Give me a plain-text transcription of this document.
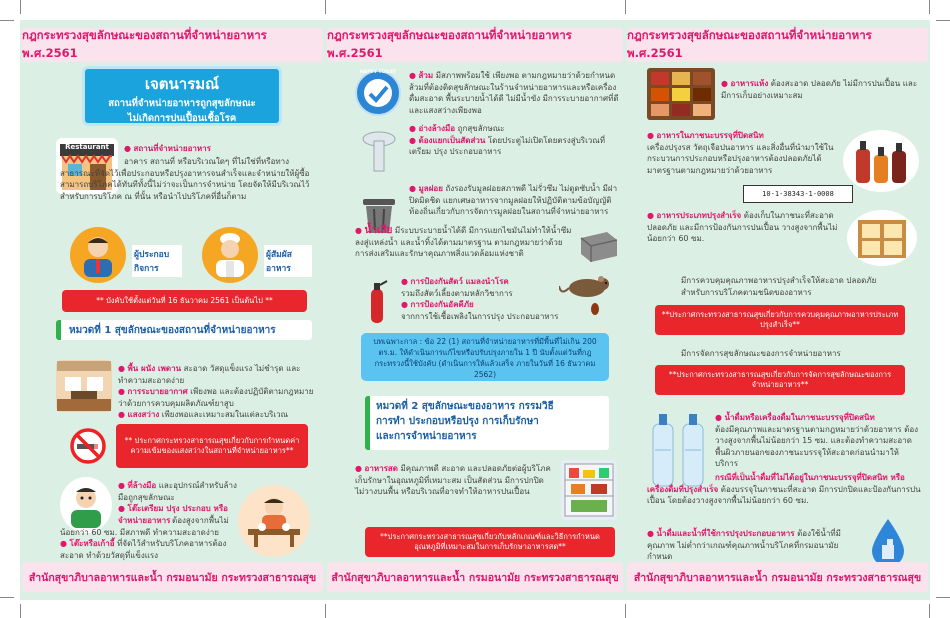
กฎกระทรวงสุขลักษณะของสถานที่จำหน่ายอาหาร พ.ศ.2561
เจตนารมณ์
สถานที่จำหน่ายอาหารถูกสุขลักษณะ
ไม่เกิดการปนเปื้อนเชื้อโรค
Restaurant	● สถานที่จำหน่ายอาหาร
อาคาร สถานที่ หรือบริเวณใดๆ ที่ไม่ใช่ที่หรือทางสาธารณะที่จัดไว้เพื่อประกอบหรือปรุงอาหารจนสำเร็จและจำหน่ายให้ผู้ซื้อสามารถบริโภคได้ทันทีทั้งนี้ไม่ว่าจะเป็นการจำหน่าย โดยจัดให้มีบริเวณไว้สำหรับการบริโภค ณ ที่นั้น หรือนำไปบริโภคที่อื่นก็ตาม
ผู้ประกอบกิจการ
ผู้สัมผัสอาหาร
** บังคับใช้ตั้งแต่วันที่ 16 ธันวาคม 2561 เป็นต้นไป **
หมวดที่ 1 สุขลักษณะของสถานที่จำหน่ายอาหาร
● พื้น ผนัง เพดาน สะอาด วัสดุแข็งแรง ไม่ชำรุด และทำความสะอาดง่าย
● การระบายอากาศ เพียงพอ และต้องปฏิบัติตามกฎหมายว่าด้วยการควบคุมผลิตภัณฑ์ยาสูบ
● แสงสว่าง เพียงพอและเหมาะสมในแต่ละบริเวณ
** ประกาศกระทรวงสาธารณสุขเกี่ยวกับการกำหนดค่าความเข้มของแสงสว่างในสถานที่จำหน่ายอาหาร**
● ที่ล้างมือ และอุปกรณ์สำหรับล้างมือถูกสุขลักษณะ
● โต๊ะเตรียม ปรุง ประกอบ หรือจำหน่ายอาหาร ต้องสูงจากพื้นไม่น้อยกว่า 60 ซม. มีสภาพดี ทำความสะอาดง่าย
● โต๊ะหรือเก้าอี้ ที่จัดไว้สำหรับบริโภคอาหารต้องสะอาด ทำด้วยวัสดุที่แข็งแรง
สำนักสุขาภิบาลอาหารและน้ำ กรมอนามัย กระทรวงสาธารณสุข
กฎกระทรวงสุขลักษณะของสถานที่จำหน่ายอาหาร พ.ศ.2561
HAPPY TOILET	● ส้วม มีสภาพพร้อมใช้ เพียงพอ ตามกฎหมายว่าด้วยกำหนดส้วมที่ต้องติดสุขลักษณะในร้านจำหน่ายอาหารและหรือเครื่องดื่มสะอาด พื้นระบายน้ำได้ดี ไม่มีน้ำขัง มีการระบายอากาศที่ดี และแสงสว่างเพียงพอ
● อ่างล้างมือ ถูกสุขลักษณะ
● ต้องแยกเป็นสัดส่วน โดยประตูไม่เปิดโดยตรงสู่บริเวณที่เตรียม ปรุง ประกอบอาหาร
● มูลฝอย ถังรองรับมูลฝอยสภาพดี ไม่รั่วซึม ไม่ดูดซับน้ำ มีฝาปิดมิดชิด แยกเศษอาหารจากมูลฝอยให้ปฏิบัติตามข้อบัญญัติท้องถิ่นเกี่ยวกับการจัดการมูลฝอยในสถานที่จำหน่ายอาหาร
● น้ำเสีย มีระบบระบายน้ำได้ดี มีการแยกไขมันไม่ทำให้น้ำซึมลงสู่แหล่งน้ำ และน้ำทิ้งได้ตามมาตรฐาน ตามกฎหมายว่าด้วยการส่งเสริมและรักษาคุณภาพสิ่งแวดล้อมแห่งชาติ
● การป้องกันสัตว์ แมลงนำโรค
รวมถึงสัตว์เลี้ยงตามหลักวิชาการ
● การป้องกันอัคคีภัย
จากการใช้เชื้อเพลิงในการปรุง ประกอบอาหาร
บทเฉพาะกาล : ข้อ 22 (1) สถานที่จำหน่ายอาหารที่มีพื้นที่ไม่เกิน 200 ตร.ม. ให้ดำเนินการแก้ไขหรือปรับปรุงภายใน 1 ปี นับตั้งแต่วันที่กฎกระทรวงนี้ใช้บังคับ (ดำเนินการให้แล้วเสร็จ ภายในวันที่ 16 ธันวาคม 2562)
หมวดที่ 2 สุขลักษณะของอาหาร กรรมวิธี
การทำ ประกอบหรือปรุง การเก็บรักษา
และการจำหน่ายอาหาร
● อาหารสด มีคุณภาพดี สะอาด และปลอดภัยต่อผู้บริโภค เก็บรักษาในอุณหภูมิที่เหมาะสม เป็นสัดส่วน มีการปกปิด ไม่วางบนพื้น หรือบริเวณที่อาจทำให้อาหารปนเปื้อน
**ประกาศกระทรวงสาธารณสุขเกี่ยวกับหลักเกณฑ์และวิธีการกำหนดอุณหภูมิที่เหมาะสมในการเก็บรักษาอาหารสด**
สำนักสุขาภิบาลอาหารและน้ำ กรมอนามัย กระทรวงสาธารณสุข
กฎกระทรวงสุขลักษณะของสถานที่จำหน่ายอาหาร พ.ศ.2561
● อาหารแห้ง ต้องสะอาด ปลอดภัย ไม่มีการปนเปื้อน และมีการเก็บอย่างเหมาะสม
● อาหารในภาชนะบรรจุที่ปิดสนิท
เครื่องปรุงรส วัตถุเจือปนอาหาร และสิ่งอื่นที่นำมาใช้ในกระบวนการประกอบหรือปรุงอาหารต้องปลอดภัยได้มาตรฐานตามกฎหมายว่าด้วยอาหาร
10-1-38343-1-0008
● อาหารประเภทปรุงสำเร็จ ต้องเก็บในภาชนะที่สะอาด ปลอดภัย และมีการป้องกันการปนเปื้อน วางสูงจากพื้นไม่น้อยกว่า 60 ซม.
มีการควบคุมคุณภาพอาหารปรุงสำเร็จให้สะอาด ปลอดภัย สำหรับการบริโภคตามชนิดของอาหาร
**ประกาศกระทรวงสาธารณสุขเกี่ยวกับการควบคุมคุณภาพอาหารประเภทปรุงสำเร็จ**
มีการจัดการสุขลักษณะของการจำหน่ายอาหาร
**ประกาศกระทรวงสาธารณสุขเกี่ยวกับการจัดการสุขลักษณะของการจำหน่ายอาหาร**
● น้ำดื่มหรือเครื่องดื่มในภาชนะบรรจุที่ปิดสนิท
ต้องมีคุณภาพและมาตรฐานตามกฎหมายว่าด้วยอาหาร ต้องวางสูงจากพื้นไม่น้อยกว่า 15 ซม. และต้องทำความสะอาดพื้นผิวภายนอกของภาชนะบรรจุให้สะอาดก่อนนำมาให้บริการ
กรณีที่เป็นน้ำดื่มที่ไม่ได้อยู่ในภาชนะบรรจุที่ปิดสนิท หรือเครื่องดื่มที่ปรุงสำเร็จ ต้องบรรจุในภาชนะที่สะอาด มีการปกปิดและป้องกันการปนเปื้อน โดยต้องวางสูงจากพื้นไม่น้อยกว่า 60 ซม.
● น้ำดื่มและน้ำที่ใช้การปรุงประกอบอาหาร ต้องใช้น้ำที่มีคุณภาพ ไม่ต่ำกว่าเกณฑ์คุณภาพน้ำบริโภคที่กรมอนามัยกำหนด
สำนักสุขาภิบาลอาหารและน้ำ กรมอนามัย กระทรวงสาธารณสุข
